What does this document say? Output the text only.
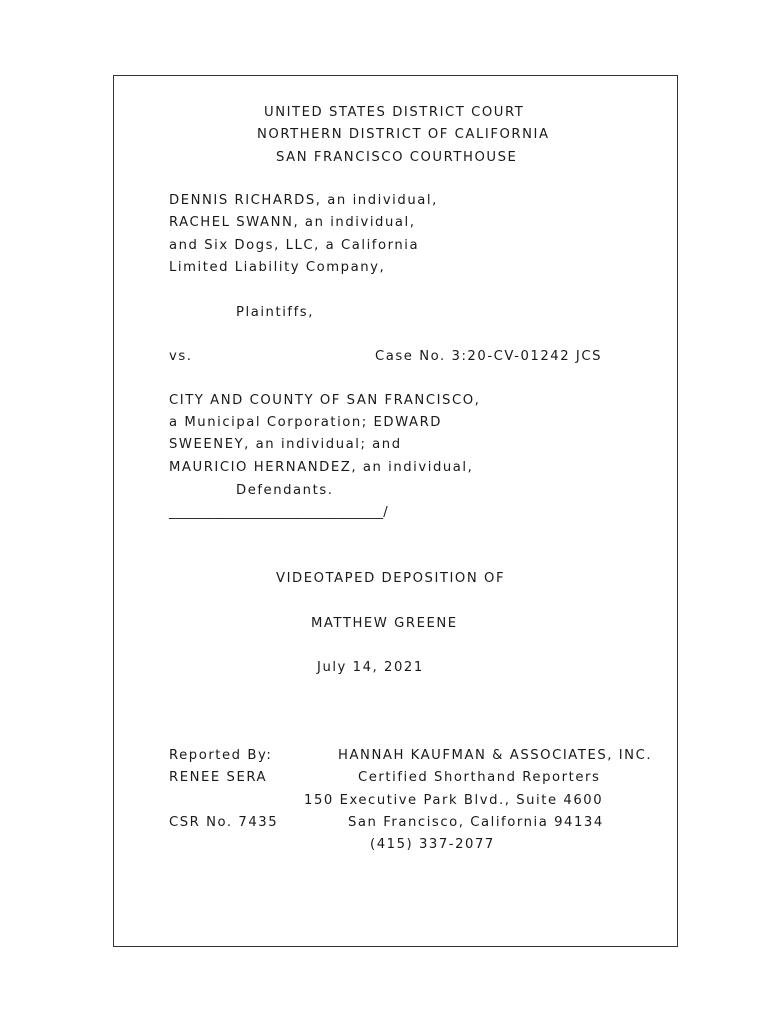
UNITED STATES DISTRICT COURT
NORTHERN DISTRICT OF CALIFORNIA
SAN FRANCISCO COURTHOUSE
DENNIS RICHARDS, an individual,
RACHEL SWANN, an individual,
and Six Dogs, LLC, a California
Limited Liability Company,
Plaintiffs,
vs.	Case No. 3:20-CV-01242 JCS
CITY AND COUNTY OF SAN FRANCISCO,
a Municipal Corporation; EDWARD
SWEENEY, an individual; and
MAURICIO HERNANDEZ, an individual,
Defendants.
________________________________/
VIDEOTAPED DEPOSITION OF
MATTHEW GREENE
July 14, 2021
Reported By:	HANNAH KAUFMAN & ASSOCIATES, INC.
RENEE SERA	Certified Shorthand Reporters
150 Executive Park Blvd., Suite 4600
CSR No. 7435	San Francisco, California 94134
(415) 337-2077
